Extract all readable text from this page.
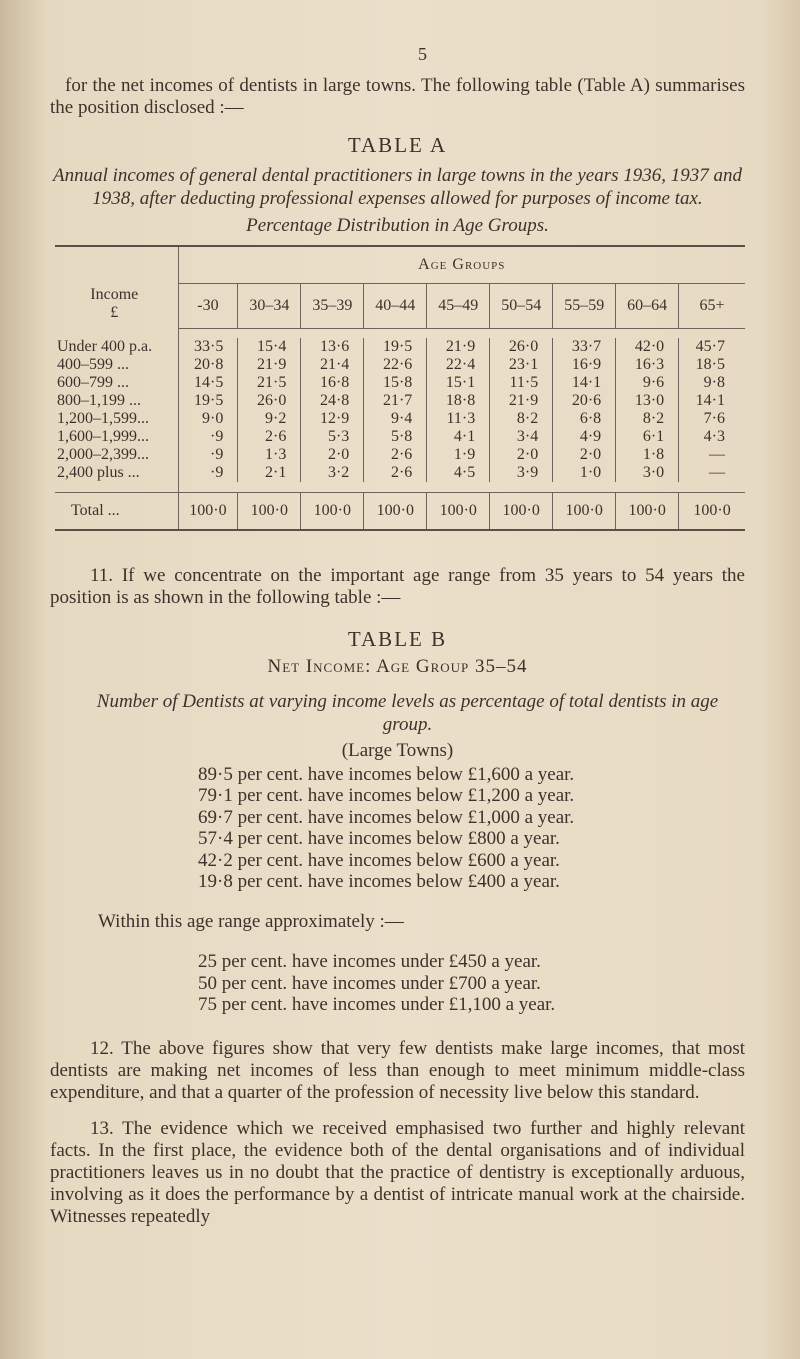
5

for the net incomes of dentists in large towns. The following table (Table A) summarises the position disclosed :—

TABLE A
Annual incomes of general dental practitioners in large towns in the years 1936, 1937 and 1938, after deducting professional expenses allowed for purposes of income tax.
Percentage Distribution in Age Groups.
Income
£	Age Groups								
	-30	30–34	35–39	40–44	45–49	50–54	55–59	60–64	65+

Under 400 p.a.	33·5	15·4	13·6	19·5	21·9	26·0	33·7	42·0	45·7
400–599 ...	20·8	21·9	21·4	22·6	22·4	23·1	16·9	16·3	18·5
600–799 ...	14·5	21·5	16·8	15·8	15·1	11·5	14·1	9·6	9·8
800–1,199 ...	19·5	26·0	24·8	21·7	18·8	21·9	20·6	13·0	14·1
1,200–1,599...	9·0	9·2	12·9	9·4	11·3	8·2	6·8	8·2	7·6
1,600–1,999...	·9	2·6	5·3	5·8	4·1	3·4	4·9	6·1	4·3
2,000–2,399...	·9	1·3	2·0	2·6	1·9	2·0	2·0	1·8	—
2,400 plus ...	·9	2·1	3·2	2·6	4·5	3·9	1·0	3·0	—

Total ...	100·0	100·0	100·0	100·0	100·0	100·0	100·0	100·0	100·0

11. If we concentrate on the important age range from 35 years to 54 years the position is as shown in the following table :—

TABLE B
Net Income: Age Group 35–54
Number of Dentists at varying income levels as percentage of total dentists in age group.
(Large Towns)
89·5 per cent. have incomes below £1,600 a year.
79·1 per cent. have incomes below £1,200 a year.
69·7 per cent. have incomes below £1,000 a year.
57·4 per cent. have incomes below £800 a year.
42·2 per cent. have incomes below £600 a year.
19·8 per cent. have incomes below £400 a year.

Within this age range approximately :—

25 per cent. have incomes under £450 a year.
50 per cent. have incomes under £700 a year.
75 per cent. have incomes under £1,100 a year.

12. The above figures show that very few dentists make large incomes, that most dentists are making net incomes of less than enough to meet minimum middle-class expenditure, and that a quarter of the profession of necessity live below this standard.

13. The evidence which we received emphasised two further and highly relevant facts. In the first place, the evidence both of the dental organisations and of individual practitioners leaves us in no doubt that the practice of dentistry is exceptionally arduous, involving as it does the performance by a dentist of intricate manual work at the chairside. Witnesses repeatedly
